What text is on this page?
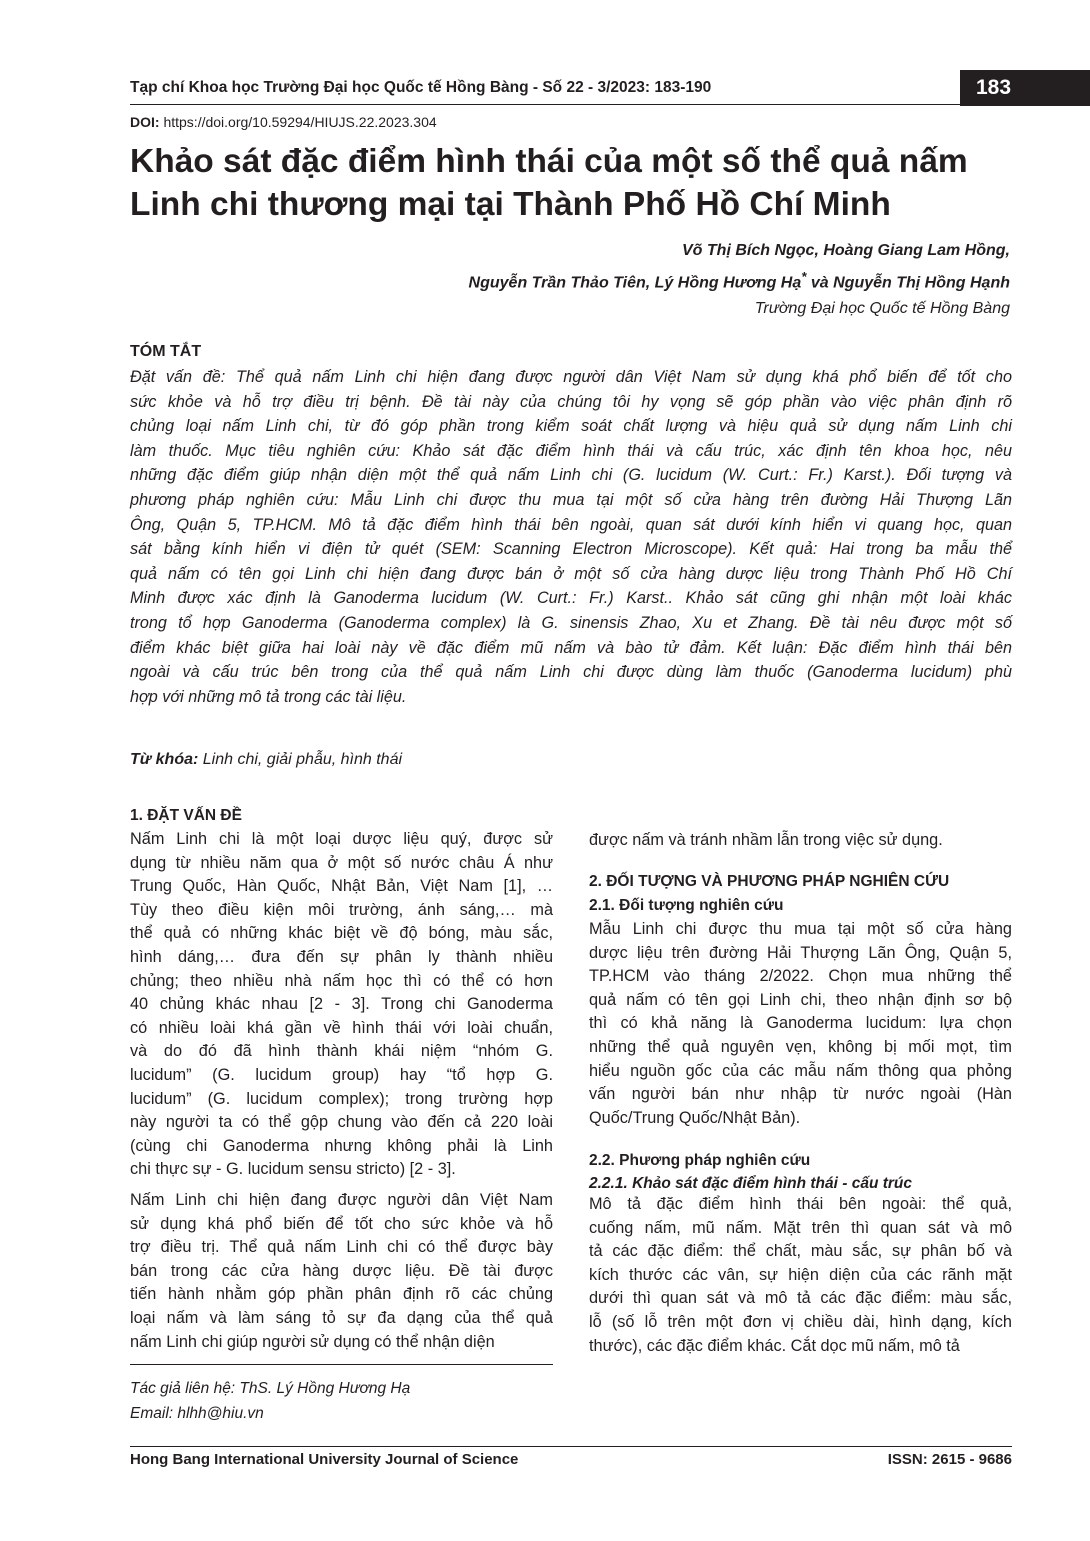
Tạp chí Khoa học Trường Đại học Quốc tế Hồng Bàng - Số 22 - 3/2023: 183-190	183
DOI: https://doi.org/10.59294/HIUJS.22.2023.304
Khảo sát đặc điểm hình thái của một số thể quả nấm
Linh chi thương mại tại Thành Phố Hồ Chí Minh
Võ Thị Bích Ngọc, Hoàng Giang Lam Hồng,
Nguyễn Trần Thảo Tiên, Lý Hồng Hương Hạ* và Nguyễn Thị Hồng Hạnh
Trường Đại học Quốc tế Hồng Bàng
TÓM TẮT
Đặt vấn đề: Thể quả nấm Linh chi hiện đang được người dân Việt Nam sử dụng khá phổ biến để tốt cho
sức khỏe và hỗ trợ điều trị bệnh. Đề tài này của chúng tôi hy vọng sẽ góp phần vào việc phân định rõ
chủng loại nấm Linh chi, từ đó góp phần trong kiểm soát chất lượng và hiệu quả sử dụng nấm Linh chi
làm thuốc. Mục tiêu nghiên cứu: Khảo sát đặc điểm hình thái và cấu trúc, xác định tên khoa học, nêu
những đặc điểm giúp nhận diện một thể quả nấm Linh chi (G. lucidum (W. Curt.: Fr.) Karst.). Đối tượng và
phương pháp nghiên cứu: Mẫu Linh chi được thu mua tại một số cửa hàng trên đường Hải Thượng Lãn
Ông, Quận 5, TP.HCM. Mô tả đặc điểm hình thái bên ngoài, quan sát dưới kính hiển vi quang học, quan
sát bằng kính hiển vi điện tử quét (SEM: Scanning Electron Microscope). Kết quả: Hai trong ba mẫu thể
quả nấm có tên gọi Linh chi hiện đang được bán ở một số cửa hàng dược liệu trong Thành Phố Hồ Chí
Minh được xác định là Ganoderma lucidum (W. Curt.: Fr.) Karst.. Khảo sát cũng ghi nhận một loài khác
trong tổ hợp Ganoderma (Ganoderma complex) là G. sinensis Zhao, Xu et Zhang. Đề tài nêu được một số
điểm khác biệt giữa hai loài này về đặc điểm mũ nấm và bào tử đảm. Kết luận: Đặc điểm hình thái bên
ngoài và cấu trúc bên trong của thể quả nấm Linh chi được dùng làm thuốc (Ganoderma lucidum) phù
hợp với những mô tả trong các tài liệu.
Từ khóa: Linh chi, giải phẫu, hình thái
1. ĐẶT VẤN ĐỀ
Nấm Linh chi là một loại dược liệu quý, được sử
dụng từ nhiều năm qua ở một số nước châu Á như
Trung Quốc, Hàn Quốc, Nhật Bản, Việt Nam [1], …
Tùy theo điều kiện môi trường, ánh sáng,… mà
thể quả có những khác biệt về độ bóng, màu sắc,
hình dáng,… đưa đến sự phân ly thành nhiều
chủng; theo nhiều nhà nấm học thì có thể có hơn
40 chủng khác nhau [2 - 3]. Trong chi Ganoderma
có nhiều loài khá gần về hình thái với loài chuẩn,
và do đó đã hình thành khái niệm “nhóm G.
lucidum” (G. lucidum group) hay “tổ hợp G.
lucidum” (G. lucidum complex); trong trường hợp
này người ta có thể gộp chung vào đến cả 220 loài
(cùng chi Ganoderma nhưng không phải là Linh
chi thực sự - G. lucidum sensu stricto) [2 - 3].
Nấm Linh chi hiện đang được người dân Việt Nam
sử dụng khá phổ biến để tốt cho sức khỏe và hỗ
trợ điều trị. Thể quả nấm Linh chi có thể được bày
bán trong các cửa hàng dược liệu. Đề tài được
tiến hành nhằm góp phần phân định rõ các chủng
loại nấm và làm sáng tỏ sự đa dạng của thể quả
nấm Linh chi giúp người sử dụng có thể nhận diện
Tác giả liên hệ: ThS. Lý Hồng Hương Hạ
Email: hlhh@hiu.vn
được nấm và tránh nhầm lẫn trong việc sử dụng.
2. ĐỐI TƯỢNG VÀ PHƯƠNG PHÁP NGHIÊN CỨU
2.1. Đối tượng nghiên cứu
Mẫu Linh chi được thu mua tại một số cửa hàng
dược liệu trên đường Hải Thượng Lãn Ông, Quận 5,
TP.HCM vào tháng 2/2022. Chọn mua những thể
quả nấm có tên gọi Linh chi, theo nhận định sơ bộ
thì có khả năng là Ganoderma lucidum: lựa chọn
những thể quả nguyên vẹn, không bị mối mọt, tìm
hiểu nguồn gốc của các mẫu nấm thông qua phỏng
vấn người bán như nhập từ nước ngoài (Hàn
Quốc/Trung Quốc/Nhật Bản).
2.2. Phương pháp nghiên cứu
2.2.1. Khảo sát đặc điểm hình thái - cấu trúc
Mô tả đặc điểm hình thái bên ngoài: thể quả,
cuống nấm, mũ nấm. Mặt trên thì quan sát và mô
tả các đặc điểm: thể chất, màu sắc, sự phân bố và
kích thước các vân, sự hiện diện của các rãnh mặt
dưới thì quan sát và mô tả các đặc điểm: màu sắc,
lỗ (số lỗ trên một đơn vị chiều dài, hình dạng, kích
thước), các đặc điểm khác. Cắt dọc mũ nấm, mô tả
Hong Bang International University Journal of Science	ISSN: 2615 - 9686
